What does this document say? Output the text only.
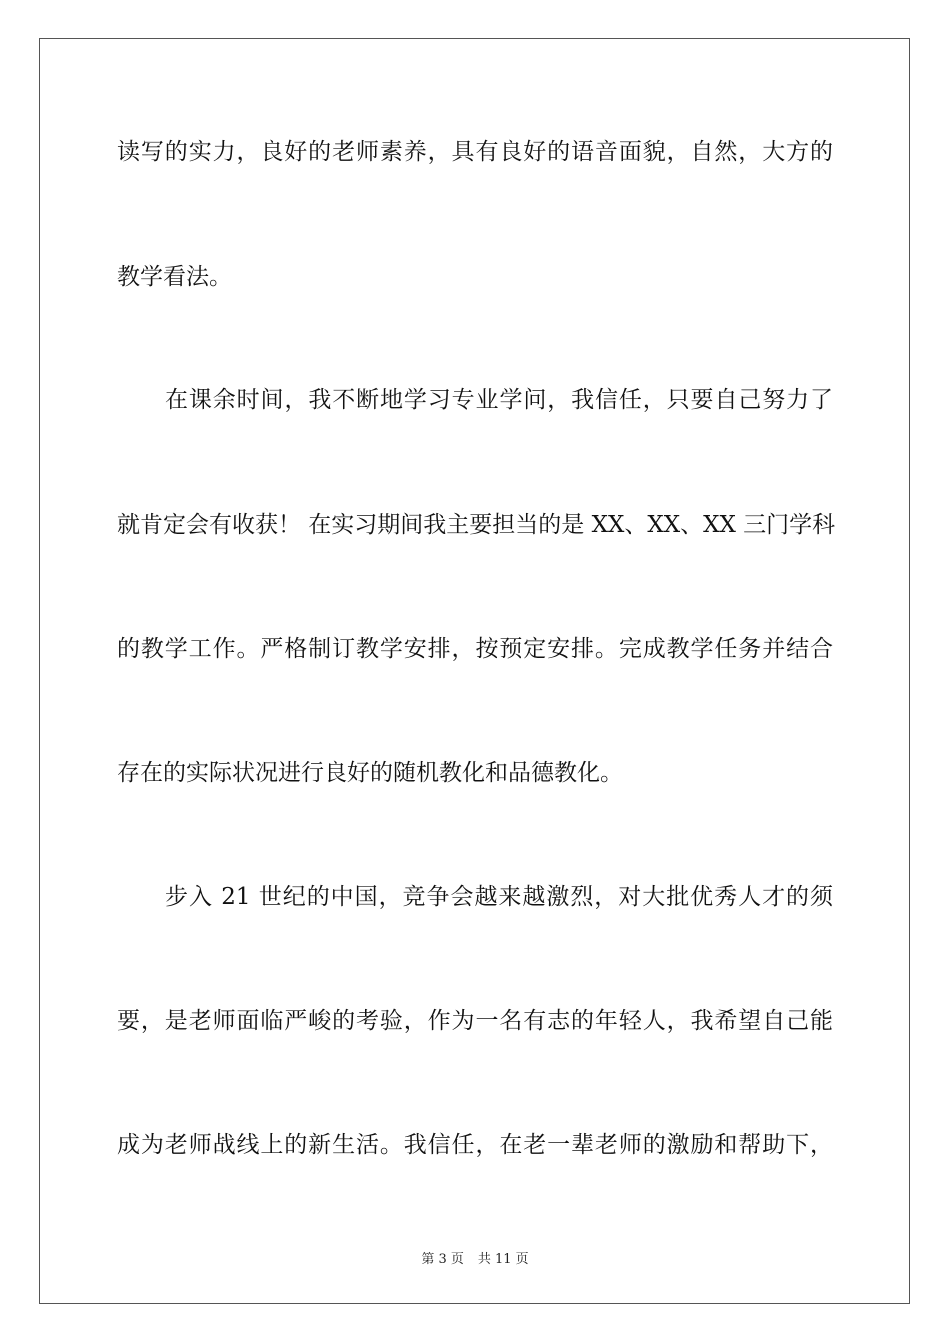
读写的实力，良好的老师素养，具有良好的语音面貌，自然，大方的
教学看法。
在课余时间，我不断地学习专业学问，我信任，只要自己努力了
就肯定会有收获！ 在实习期间我主要担当的是 XX、XX、XX 三门学科
的教学工作。严格制订教学安排，按预定安排。完成教学任务并结合
存在的实际状况进行良好的随机教化和品德教化。
步入 21 世纪的中国，竞争会越来越激烈，对大批优秀人才的须
要，是老师面临严峻的考验，作为一名有志的年轻人，我希望自己能
成为老师战线上的新生活。我信任，在老一辈老师的激励和帮助下，
第 3 页 共 11 页
